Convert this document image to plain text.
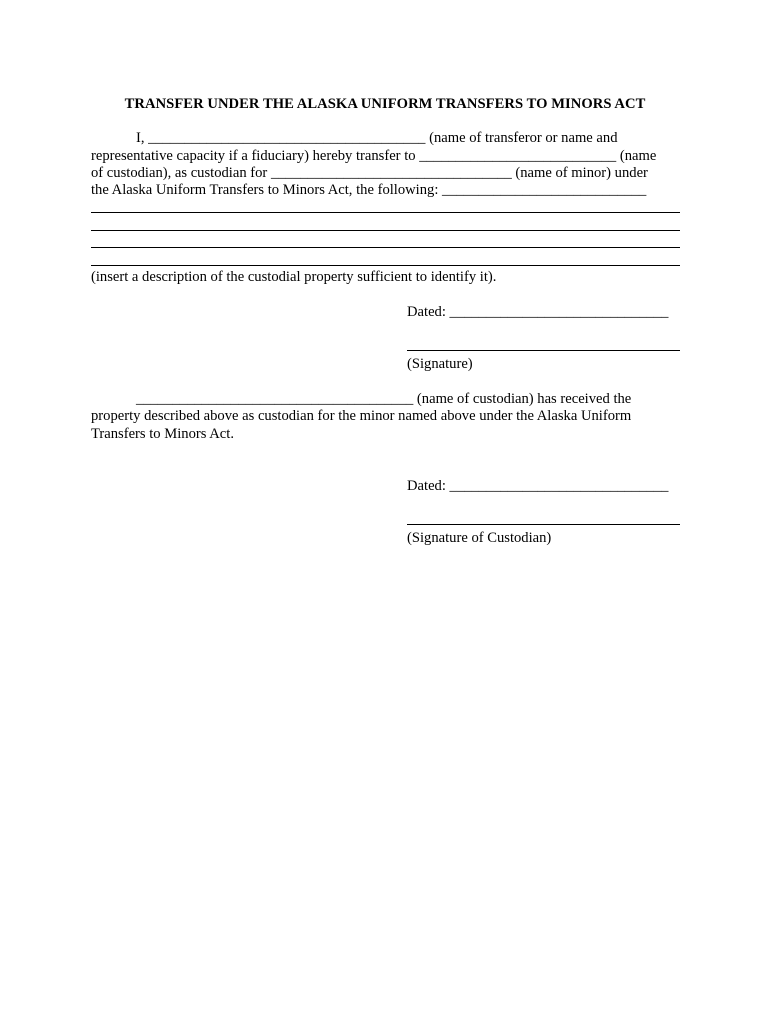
TRANSFER UNDER THE ALASKA UNIFORM TRANSFERS TO MINORS ACT
I, ______________________________________ (name of transferor or name and
representative capacity if a fiduciary) hereby transfer to ___________________________ (name
of custodian), as custodian for _________________________________ (name of minor) under
the Alaska Uniform Transfers to Minors Act, the following: ____________________________
(insert a description of the custodial property sufficient to identify it).
Dated: ______________________________
(Signature)
______________________________________ (name of custodian) has received the
property described above as custodian for the minor named above under the Alaska Uniform
Transfers to Minors Act.
Dated: ______________________________
(Signature of Custodian)
